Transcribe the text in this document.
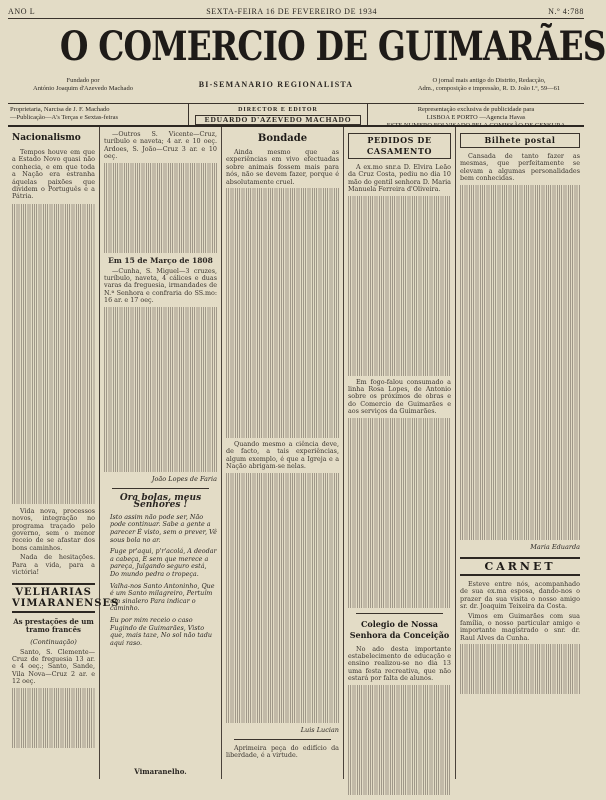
ANO L	SEXTA-FEIRA 16 DE FEVEREIRO DE 1934	N.º 4:788
O COMERCIO DE GUIMARÃES
Fundado por
António Joaquim d'Azevedo Machado	BI-SEMANARIO REGIONALISTA	O jornal mais antigo do Distrito, Redacção,
Adm., composição e impressão, R. D. João I.º, 59—61
Proprietaria, Narcisa de J. F. Machado
—Publicação—A's Terças e Sextas-feiras
DIRECTOR E EDITOR
EDUARDO D'AZEVEDO MACHADO
Representação exclusiva de publicidade para
LISBOA E PORTO —Agencia Havas
ESTE NUMERO FOI VISADO PELA COMISSÃO DE CENSURA
Nacionalismo

Tempos houve em que a Estado Novo quasi não conhecia, e em que toda a Nação era estranha áquelas paixões que dividem o Português e a Pátria.

Vida nova, processos novos, integração no programa traçado pelo governo, sem o menor receio de se afastar dos bons caminhos.

Nada de hesitações. Para a vida, para a victória!

VELHARIAS VIMARANENSES
As prestações de um tramo francês
(Continuação)

Santo, S. Clemente—Cruz de freguesia 13 ar. e 4 oeç.; Santo, Sande, Vila Nova—Cruz 2 ar. e 12 oeç.

—Outros S. Vicente—Cruz, turíbulo e naveta; 4 ar. e 10 oeç. Ardoes, S. João—Cruz 3 ar. e 10 oeç.

Em 15 de Março de 1808

—Cunha, S. Miguel—3 cruzes, turíbulo, naveta, 4 cálices e duas varas da freguesia, irmandades de N.ª Senhora e confraria do SS.mo: 16 ar. e 17 oeç.

João Lopes de Faria
Ora bolas, meus Senhores !
Isto assim não pode ser, Não pode continuar. Sabe a gente a parecer É visto, sem o prever, Vê sous bola no ar.
Fuge pr'aqui, p'r'acolá, A deodar a cabeça, E sem que merece a pareça, Julgando seguro está, Do mundo pedra o tropeça.
Valha-nos Santo Antoninho, Que é um Santo milagreiro, Pertuím um sinalero Para indicar o caminho.
Eu por mim receio o caso Fugindo de Guimarães, Visto que, mais taze, No sol não tadu aqui raso.
Vimaranelho.
Bondade

Ainda mesmo que as experiências em vivo efectuadas sobre animais fossem mais para nós, não se devem fazer, porque é absolutamente cruel.

Quando mesmo a ciência deve, de facto, a tais experiências, algum exemplo, é que a Igreja e a Nação abrigam-se nelas.

Luis Lucian

Aprimeira peça do edifício da liberdade, é a virtude.

PEDIDOS DE CASAMENTO

A ex.mo snr.a D. Elvira Leão da Cruz Costa, pediu no dia 10 mão do gentil senhora D. Maria Manuela Ferreira d'Oliveira.

Em fogo-falou consumado a linha Rosa Lopes, de Antonio sobre os próximos de obras e do Comercio de Guimarães e aos serviços da Guimarães.

Colegio de Nossa Senhora da Conceição

No ado desta importante estabelecimento de educação e ensino realizou-se no dia 13 uma festa recreativa, que não estará por falta de alunos.

Bilhete postal

Cansada de tanto fazer as mesmas, que perfeitamente se elevam a algumas personalidades bem conhecidas.

Maria Eduarda
CARNET

Esteve entre nós, acompanhado de sua ex.ma esposa, dando-nos o prazer da sua visita o nosso amigo sr. dr. Joaquim Teixeira da Costa.

Vimos em Guimarães com sua família, o nosso particular amigo e importante magistrado o snr. dr. Raul Alves da Cunha.
